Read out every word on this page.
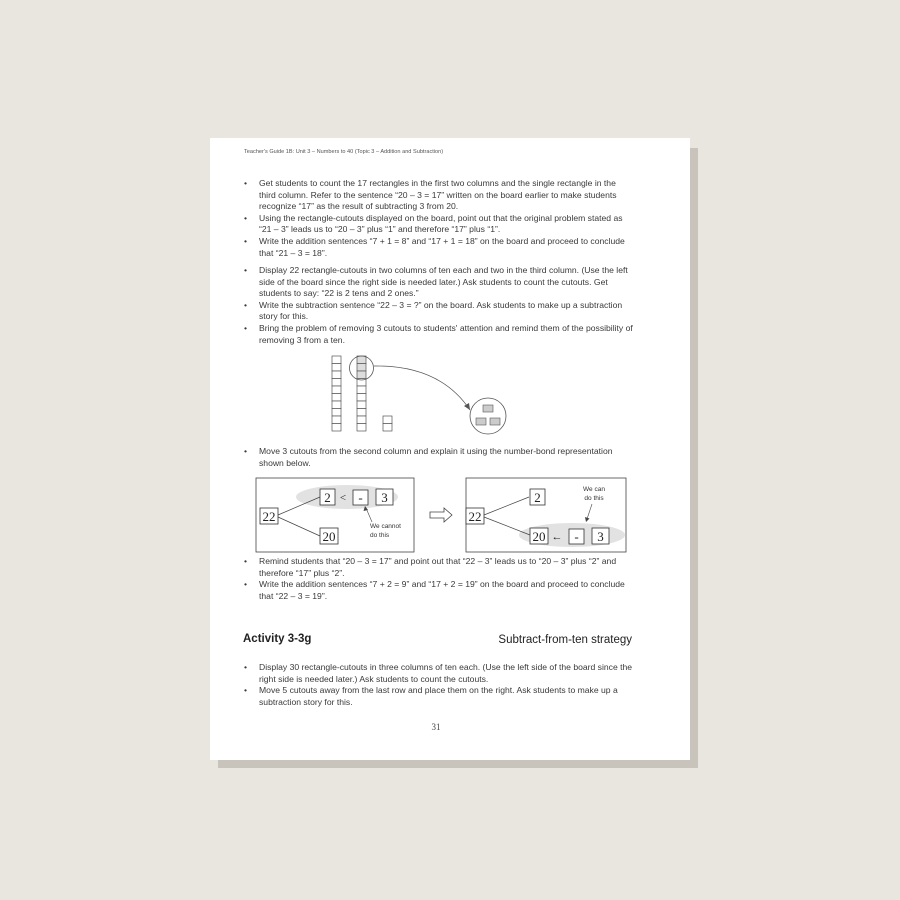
Teacher's Guide 1B: Unit 3 – Numbers to 40 (Topic 3 – Addition and Subtraction)
• Get students to count the 17 rectangles in the first two columns and the single rectangle in the third column. Refer to the sentence “20 – 3 = 17” written on the board earlier to make students recognize “17” as the result of subtracting 3 from 20.
• Using the rectangle-cutouts displayed on the board, point out that the original problem stated as “21 – 3” leads us to “20 – 3” plus “1” and therefore “17” plus “1”.
• Write the addition sentences “7 + 1 = 8” and “17 + 1 = 18” on the board and proceed to conclude that “21 – 3 = 18”.
• Display 22 rectangle-cutouts in two columns of ten each and two in the third column. (Use the left side of the board since the right side is needed later.) Ask students to count the cutouts. Get students to say: “22 is 2 tens and 2 ones.”
• Write the subtraction sentence “22 – 3 = ?” on the board. Ask students to make up a subtraction story for this.
• Bring the problem of removing 3 cutouts to students' attention and remind them of the possibility of removing 3 from a ten.
• Move 3 cutouts from the second column and explain it using the number-bond representation shown below.
22
2 < - 3
20
We cannot
do this
22
2
20 ← - 3
We can
do this
• Remind students that “20 – 3 = 17” and point out that “22 – 3” leads us to “20 – 3” plus “2” and therefore “17” plus “2”.
• Write the addition sentences “7 + 2 = 9” and “17 + 2 = 19” on the board and proceed to conclude that “22 – 3 = 19”.
Activity 3-3g	Subtract-from-ten strategy
• Display 30 rectangle-cutouts in three columns of ten each. (Use the left side of the board since the right side is needed later.) Ask students to count the cutouts.
• Move 5 cutouts away from the last row and place them on the right. Ask students to make up a subtraction story for this.
31
